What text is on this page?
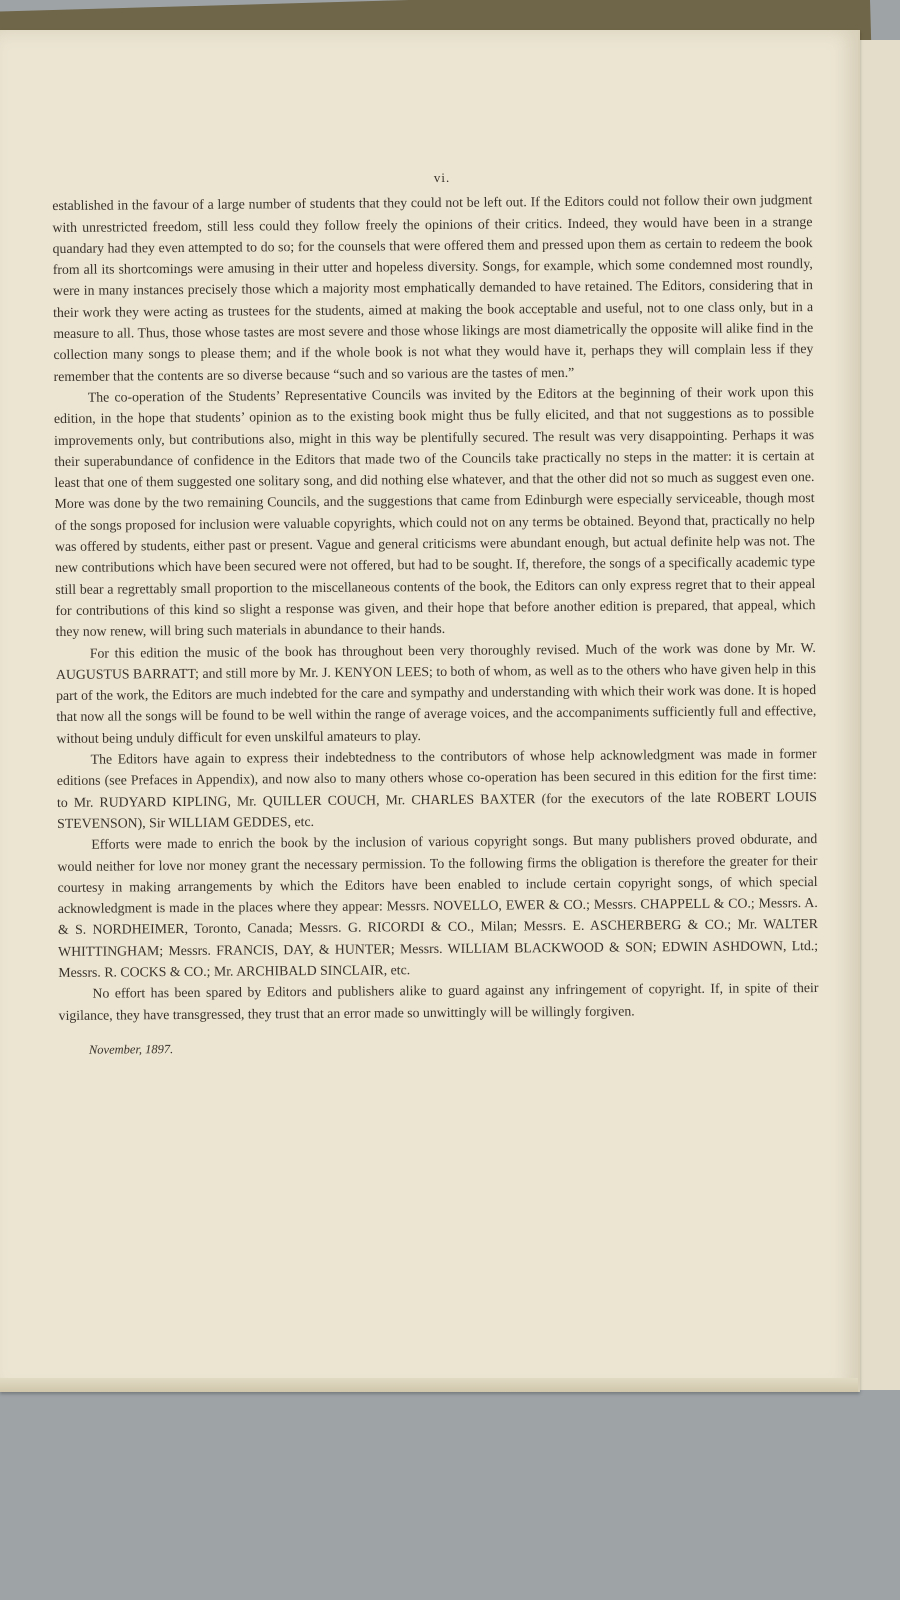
vi.

established in the favour of a large number of students that they could not be left out. If the Editors could not follow their own judgment with unrestricted freedom, still less could they follow freely the opinions of their critics. Indeed, they would have been in a strange quandary had they even attempted to do so; for the counsels that were offered them and pressed upon them as certain to redeem the book from all its shortcomings were amusing in their utter and hopeless diversity. Songs, for example, which some condemned most roundly, were in many instances precisely those which a majority most emphatically demanded to have retained. The Editors, considering that in their work they were acting as trustees for the students, aimed at making the book acceptable and useful, not to one class only, but in a measure to all. Thus, those whose tastes are most severe and those whose likings are most diametrically the opposite will alike find in the collection many songs to please them; and if the whole book is not what they would have it, perhaps they will complain less if they remember that the contents are so diverse because “such and so various are the tastes of men.”

The co-operation of the Students’ Representative Councils was invited by the Editors at the beginning of their work upon this edition, in the hope that students’ opinion as to the existing book might thus be fully elicited, and that not suggestions as to possible improvements only, but contributions also, might in this way be plentifully secured. The result was very disappointing. Perhaps it was their superabundance of confidence in the Editors that made two of the Councils take practically no steps in the matter: it is certain at least that one of them suggested one solitary song, and did nothing else whatever, and that the other did not so much as suggest even one. More was done by the two remaining Councils, and the suggestions that came from Edinburgh were especially serviceable, though most of the songs proposed for inclusion were valuable copyrights, which could not on any terms be obtained. Beyond that, practically no help was offered by students, either past or present. Vague and general criticisms were abundant enough, but actual definite help was not. The new contributions which have been secured were not offered, but had to be sought. If, therefore, the songs of a specifically academic type still bear a regrettably small proportion to the miscellaneous contents of the book, the Editors can only express regret that to their appeal for contributions of this kind so slight a response was given, and their hope that before another edition is prepared, that appeal, which they now renew, will bring such materials in abundance to their hands.

For this edition the music of the book has throughout been very thoroughly revised. Much of the work was done by Mr. W. AUGUSTUS BARRATT; and still more by Mr. J. KENYON LEES; to both of whom, as well as to the others who have given help in this part of the work, the Editors are much indebted for the care and sympathy and understanding with which their work was done. It is hoped that now all the songs will be found to be well within the range of average voices, and the accompaniments sufficiently full and effective, without being unduly difficult for even unskilful amateurs to play.

The Editors have again to express their indebtedness to the contributors of whose help acknowledgment was made in former editions (see Prefaces in Appendix), and now also to many others whose co-operation has been secured in this edition for the first time: to Mr. RUDYARD KIPLING, Mr. QUILLER COUCH, Mr. CHARLES BAXTER (for the executors of the late ROBERT LOUIS STEVENSON), Sir WILLIAM GEDDES, etc.

Efforts were made to enrich the book by the inclusion of various copyright songs. But many publishers proved obdurate, and would neither for love nor money grant the necessary permission. To the following firms the obligation is therefore the greater for their courtesy in making arrangements by which the Editors have been enabled to include certain copyright songs, of which special acknowledgment is made in the places where they appear: Messrs. NOVELLO, EWER & CO.; Messrs. CHAPPELL & CO.; Messrs. A. & S. NORDHEIMER, Toronto, Canada; Messrs. G. RICORDI & CO., Milan; Messrs. E. ASCHERBERG & CO.; Mr. WALTER WHITTINGHAM; Messrs. FRANCIS, DAY, & HUNTER; Messrs. WILLIAM BLACKWOOD & SON; EDWIN ASHDOWN, Ltd.; Messrs. R. COCKS & CO.; Mr. ARCHIBALD SINCLAIR, etc.

No effort has been spared by Editors and publishers alike to guard against any infringement of copyright. If, in spite of their vigilance, they have transgressed, they trust that an error made so unwittingly will be willingly forgiven.

November, 1897.
